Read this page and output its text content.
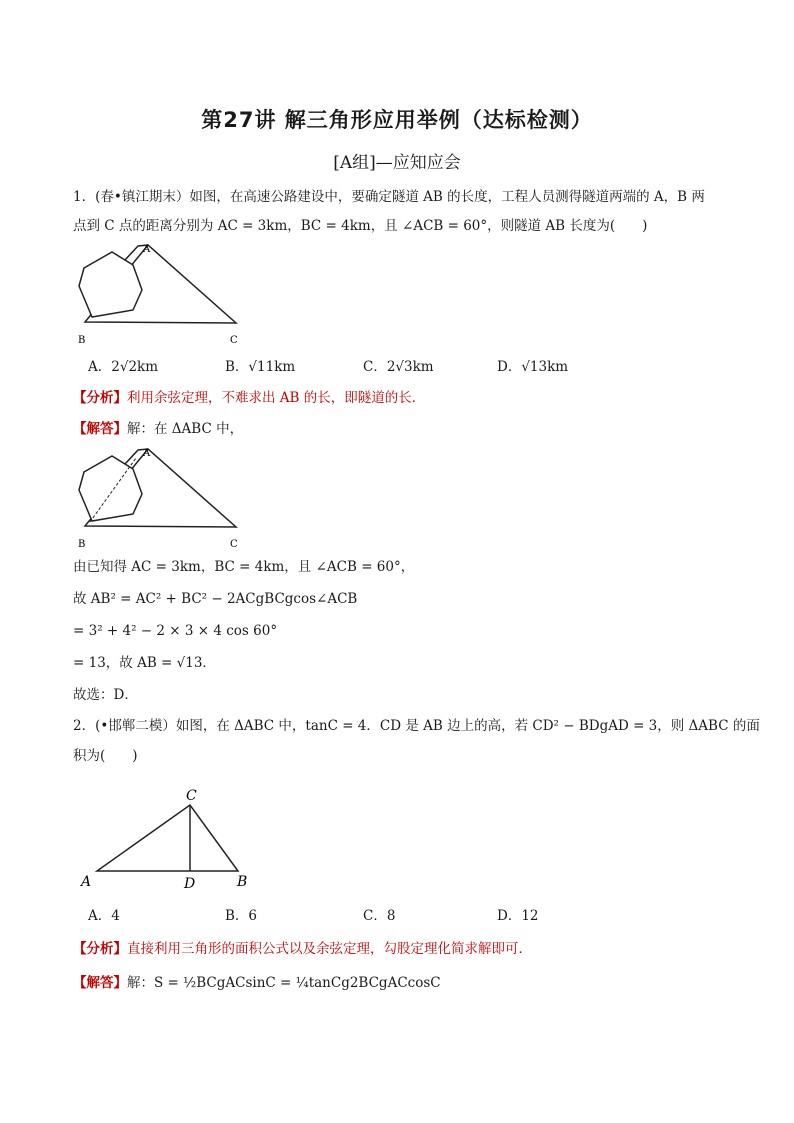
第27讲 解三角形应用举例（达标检测）
[A组]—应知应会
1．(春•镇江期末）如图，在高速公路建设中，要确定隧道 AB 的长度，工程人员测得隧道两端的 A，B 两
点到 C 点的距离分别为 AC = 3km，BC = 4km，且 ∠ACB = 60°，则隧道 AB 长度为(　　)
A
B	C
A．2√2km	B．√11km	C．2√3km	D．√13km
【分析】利用余弦定理，不难求出 AB 的长，即隧道的长．
【解答】解：在 ΔABC 中，
A
B	C
由已知得 AC = 3km，BC = 4km，且 ∠ACB = 60°，
故 AB² = AC² + BC² − 2ACgBCgcos∠ACB
= 3² + 4² − 2 × 3 × 4 cos 60°
= 13，故 AB = √13．
故选：D．
2．(•邯郸二模）如图，在 ΔABC 中，tanC = 4．CD 是 AB 边上的高，若 CD² − BDgAD = 3，则 ΔABC 的面
积为(　　)
C
A	D	B
A．4	B．6	C．8	D．12
【分析】直接利用三角形的面积公式以及余弦定理，勾股定理化简求解即可．
【解答】解：S = ½BCgACsinC = ¼tanCg2BCgACcosC
